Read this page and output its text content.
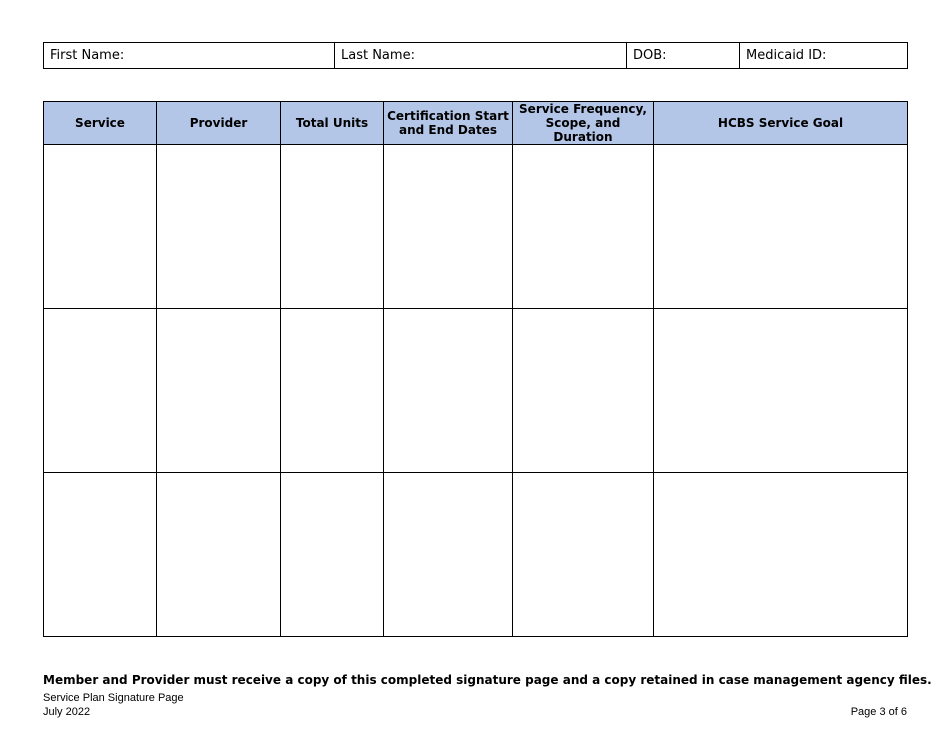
First Name:	Last Name:	DOB:	Medicaid ID:
Service	Provider	Total Units	Certification Start and End Dates	Service Frequency, Scope, and Duration	HCBS Service Goal

Member and Provider must receive a copy of this completed signature page and a copy retained in case management agency files.
Service Plan Signature Page
July 2022	Page 3 of 6
